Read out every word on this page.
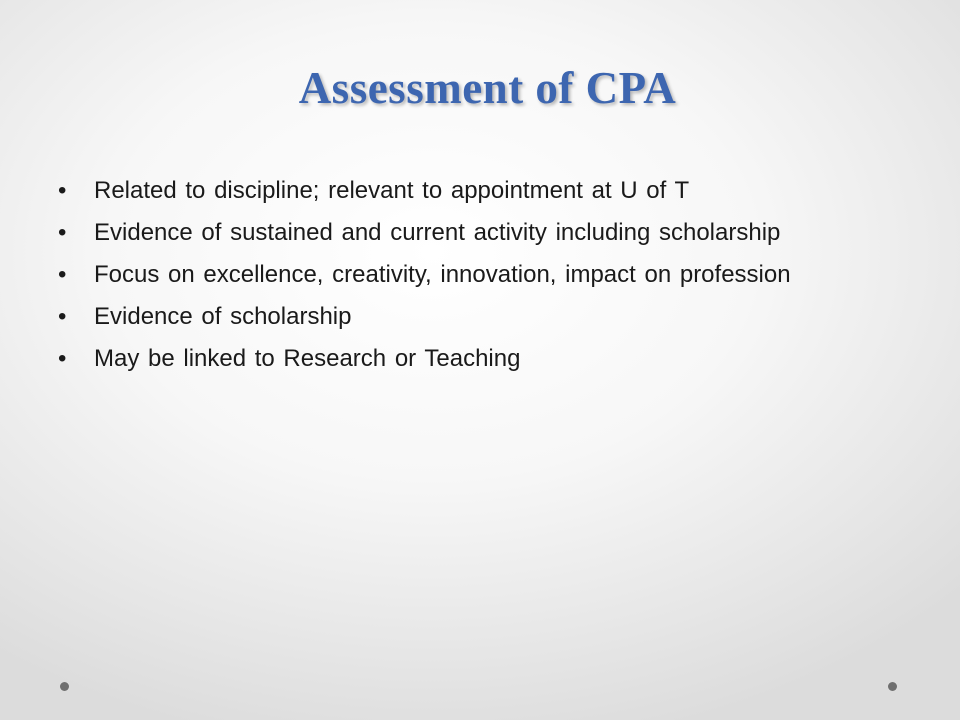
Assessment of CPA
•	Related to discipline; relevant to appointment at U of T
•	Evidence of sustained and current activity including scholarship
•	Focus on excellence, creativity, innovation, impact on profession
•	Evidence of scholarship
•	May be linked to Research or Teaching
